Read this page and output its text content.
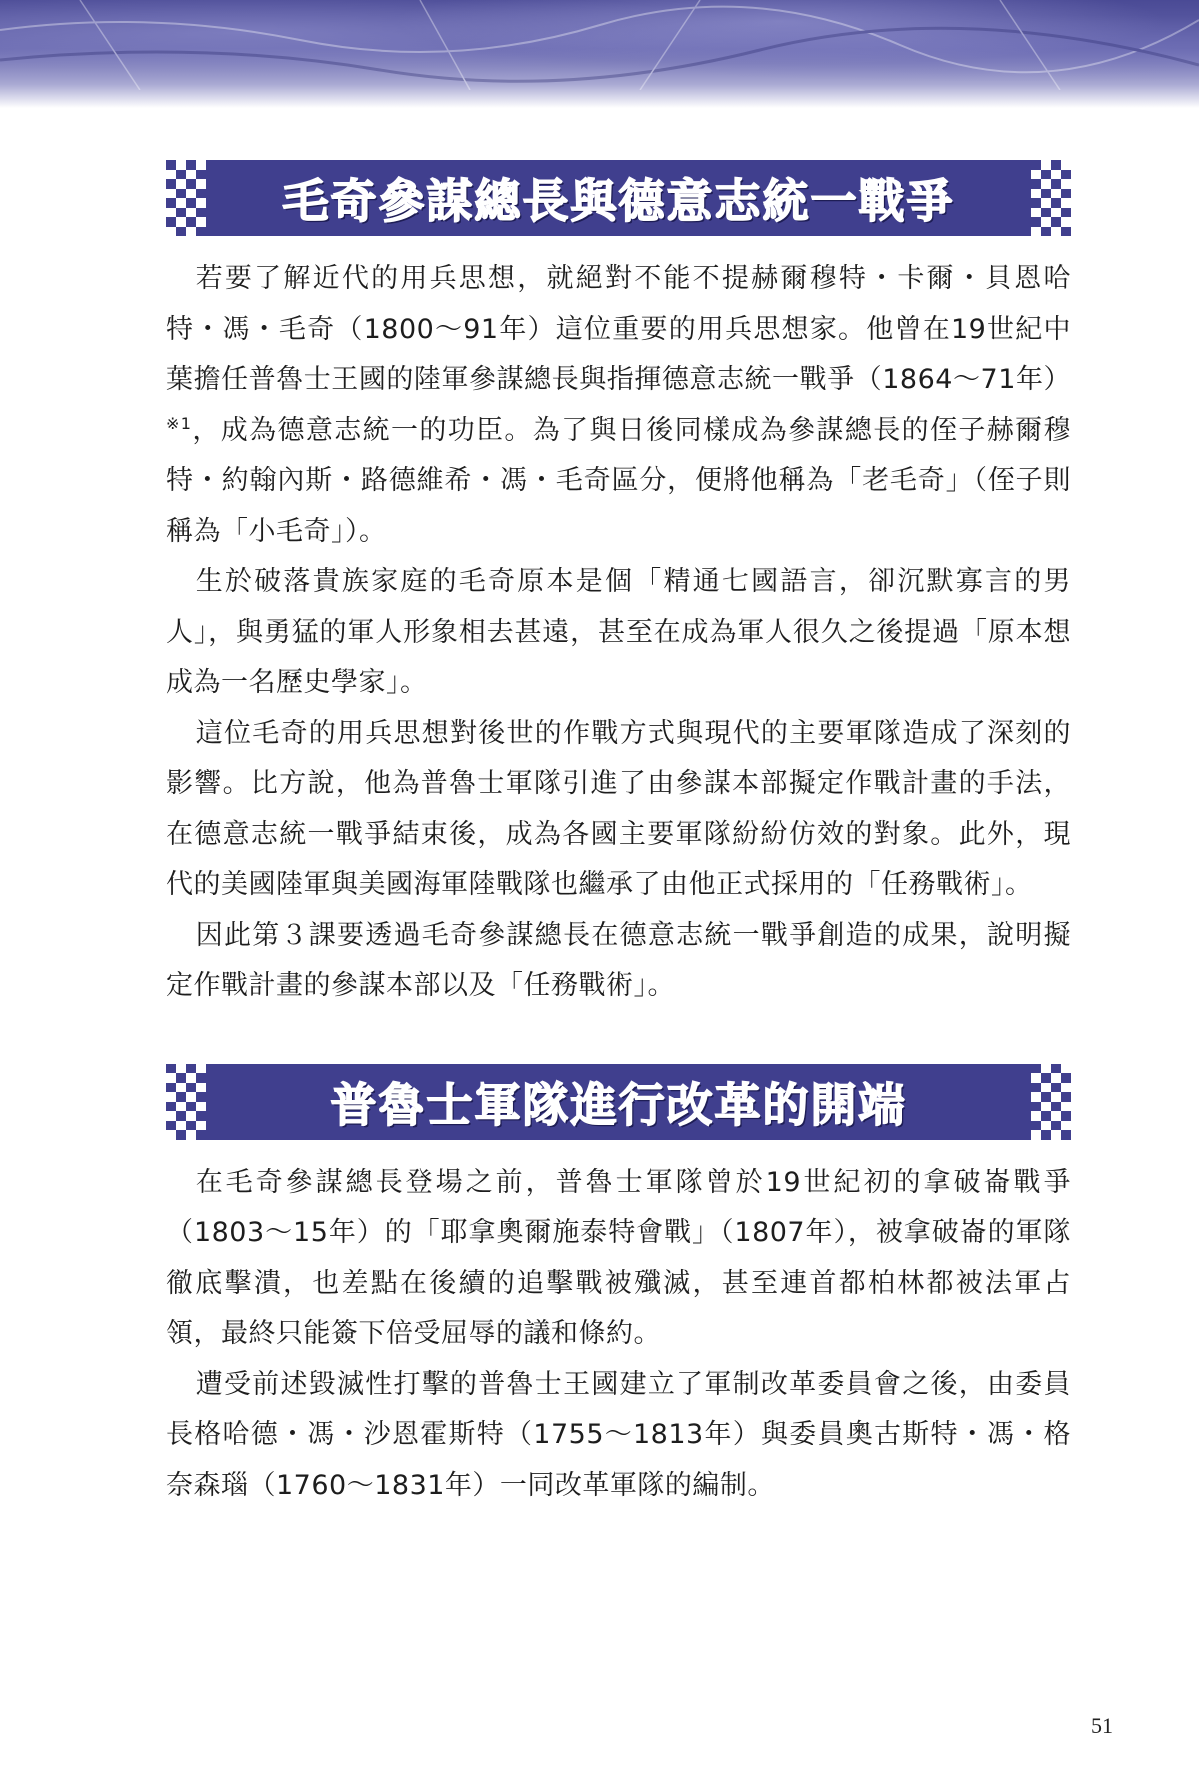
毛奇參謀總長與德意志統一戰爭

若要了解近代的用兵思想，就絕對不能不提赫爾穆特・卡爾・貝恩哈特・馮・毛奇（1800～91年）這位重要的用兵思想家。他曾在19世紀中葉擔任普魯士王國的陸軍參謀總長與指揮德意志統一戰爭（1864～71年）$^{※1}$，成為德意志統一的功臣。為了與日後同樣成為參謀總長的侄子赫爾穆特・約翰內斯・路德維希・馮・毛奇區分，便將他稱為「老毛奇」（侄子則稱為「小毛奇」）。

生於破落貴族家庭的毛奇原本是個「精通七國語言，卻沉默寡言的男人」，與勇猛的軍人形象相去甚遠，甚至在成為軍人很久之後提過「原本想成為一名歷史學家」。

這位毛奇的用兵思想對後世的作戰方式與現代的主要軍隊造成了深刻的影響。比方說，他為普魯士軍隊引進了由參謀本部擬定作戰計畫的手法，在德意志統一戰爭結束後，成為各國主要軍隊紛紛仿效的對象。此外，現代的美國陸軍與美國海軍陸戰隊也繼承了由他正式採用的「任務戰術」。

因此第３課要透過毛奇參謀總長在德意志統一戰爭創造的成果，說明擬定作戰計畫的參謀本部以及「任務戰術」。

普魯士軍隊進行改革的開端

在毛奇參謀總長登場之前，普魯士軍隊曾於19世紀初的拿破崙戰爭（1803～15年）的「耶拿奧爾施泰特會戰」（1807年），被拿破崙的軍隊徹底擊潰，也差點在後續的追擊戰被殲滅，甚至連首都柏林都被法軍占領，最終只能簽下倍受屈辱的議和條約。

遭受前述毀滅性打擊的普魯士王國建立了軍制改革委員會之後，由委員長格哈德・馮・沙恩霍斯特（1755～1813年）與委員奧古斯特・馮・格奈森瑙（1760～1831年）一同改革軍隊的編制。

51
